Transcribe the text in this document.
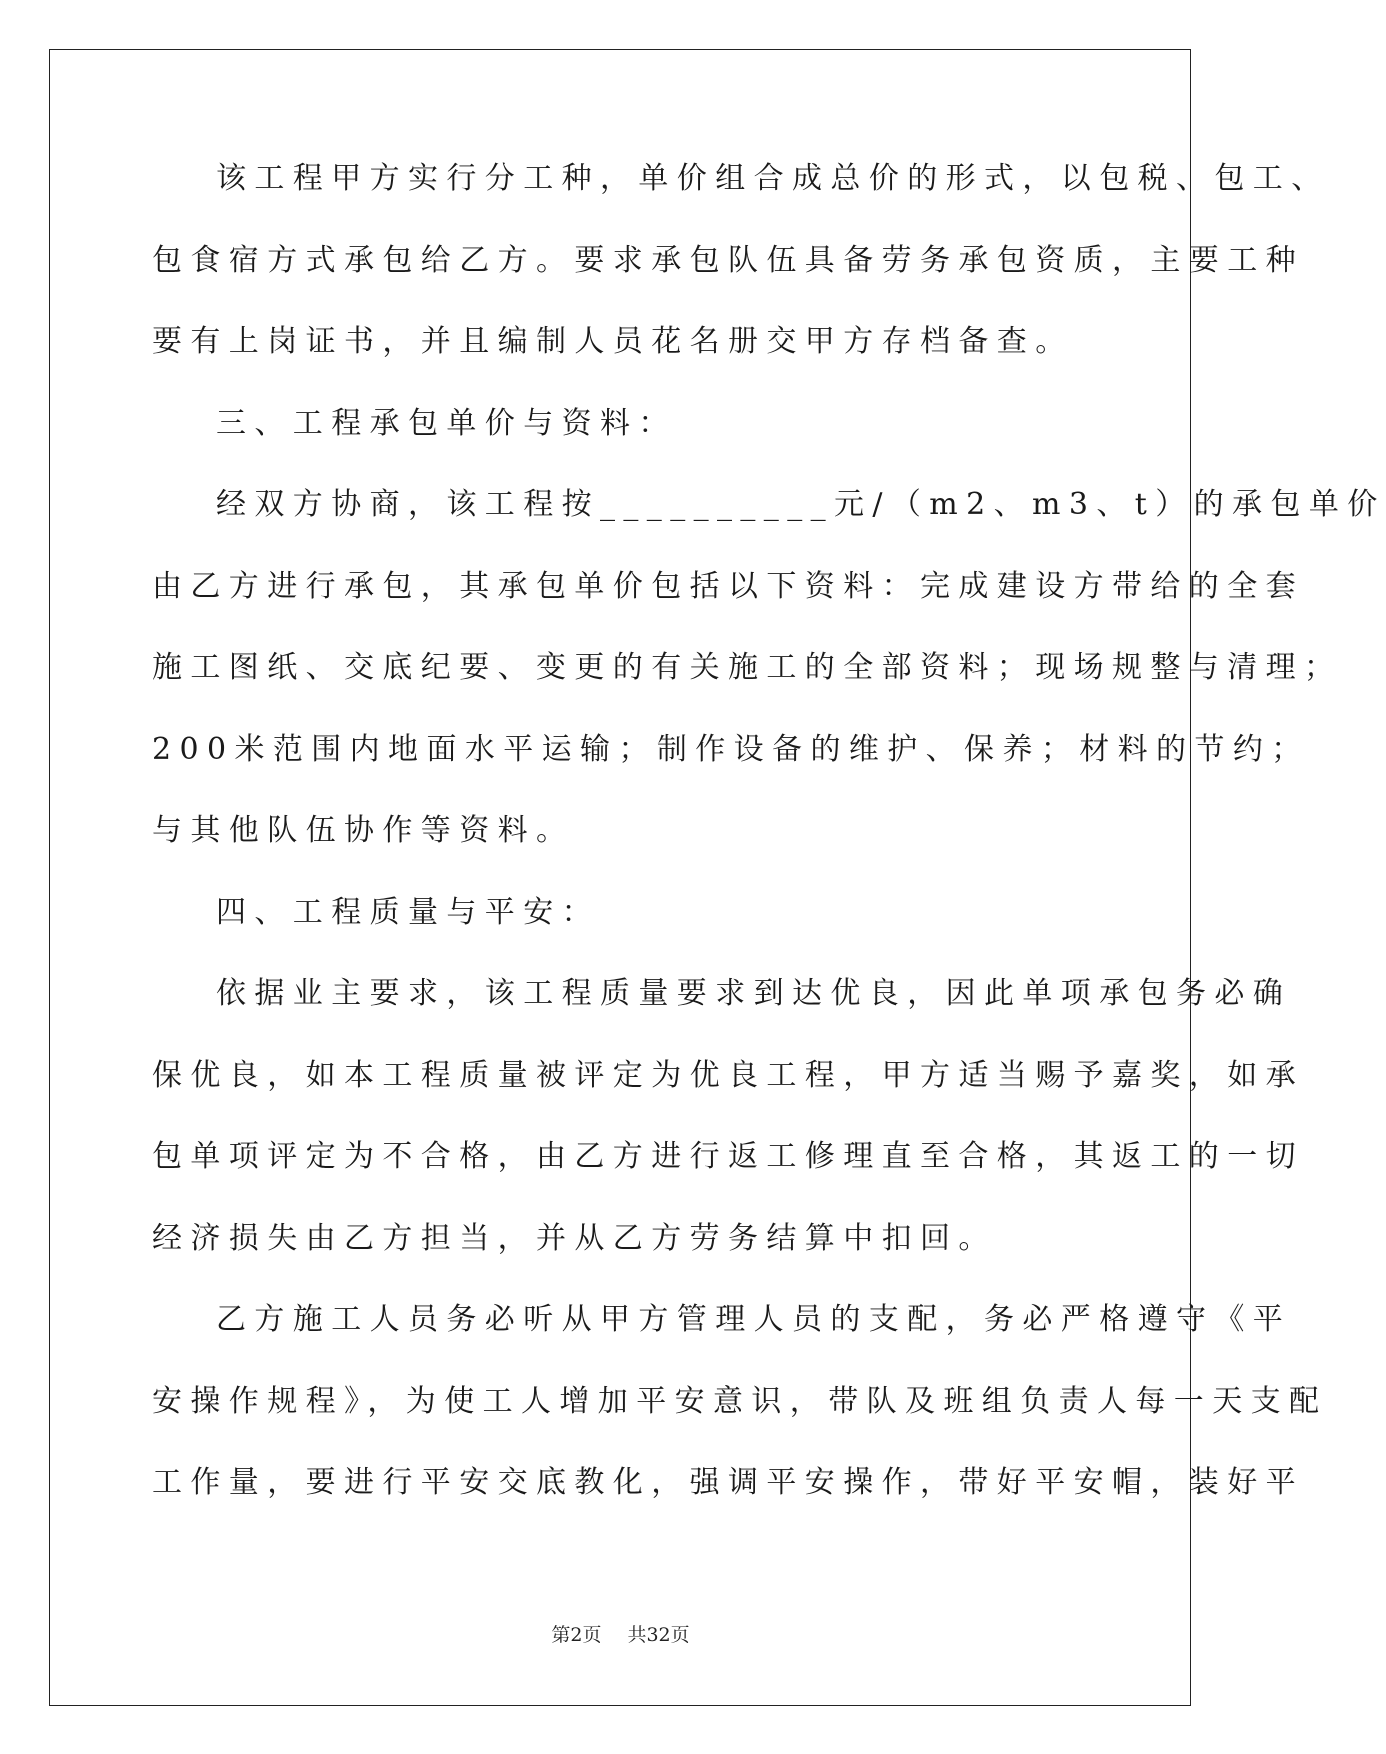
该工程甲方实行分工种，单价组合成总价的形式，以包税、包工、
包食宿方式承包给乙方。要求承包队伍具备劳务承包资质，主要工种
要有上岗证书，并且编制人员花名册交甲方存档备查。
三、工程承包单价与资料：
经双方协商，该工程按__________元/（m2、m3、t）的承包单价
由乙方进行承包，其承包单价包括以下资料：完成建设方带给的全套
施工图纸、交底纪要、变更的有关施工的全部资料；现场规整与清理；
200米范围内地面水平运输；制作设备的维护、保养；材料的节约；
与其他队伍协作等资料。
四、工程质量与平安：
依据业主要求，该工程质量要求到达优良，因此单项承包务必确
保优良，如本工程质量被评定为优良工程，甲方适当赐予嘉奖，如承
包单项评定为不合格，由乙方进行返工修理直至合格，其返工的一切
经济损失由乙方担当，并从乙方劳务结算中扣回。
乙方施工人员务必听从甲方管理人员的支配，务必严格遵守《平
安操作规程》，为使工人增加平安意识，带队及班组负责人每一天支配
工作量，要进行平安交底教化，强调平安操作，带好平安帽，装好平
第2页 共32页
